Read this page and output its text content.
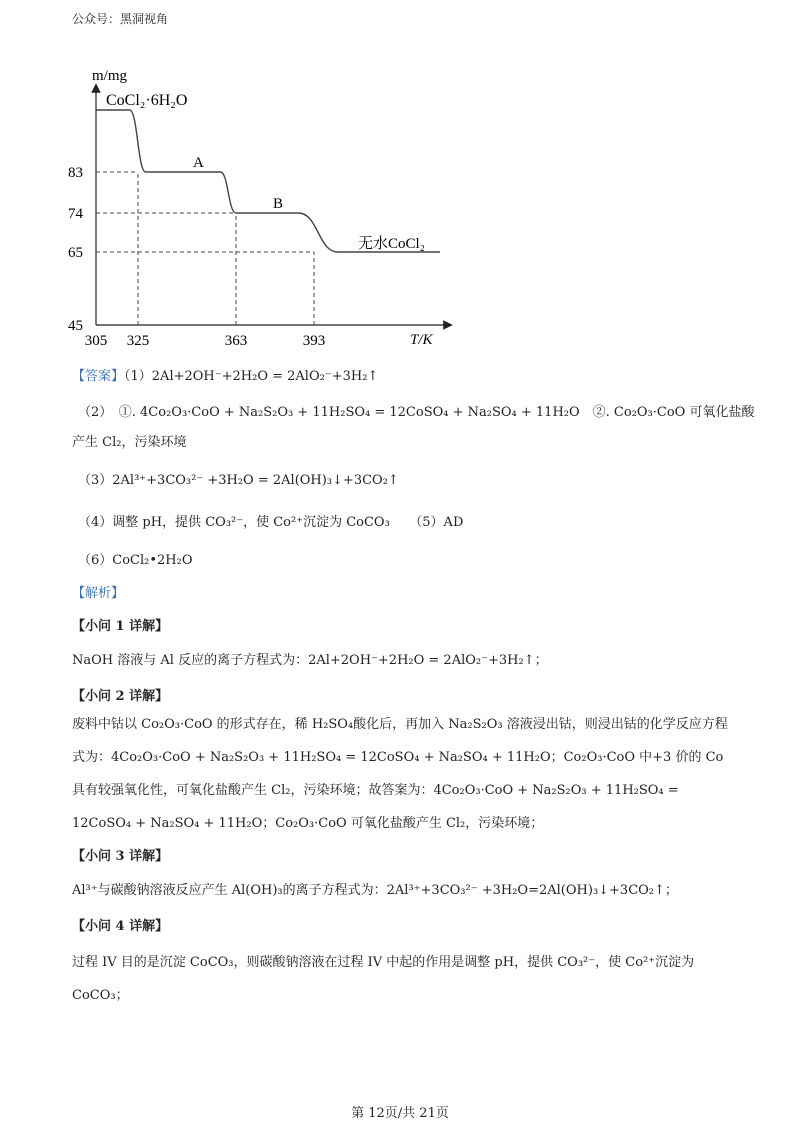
公众号：黑洞视角
m/mg
T/K
83
74
65
45
305 325	363	393
CoCl₂·6H₂O
A
B
无水CoCl₂
【答案】（1）2Al+2OH⁻+2H₂O = 2AlO₂⁻+3H₂↑
（2）　①. 4Co₂O₃·CoO + Na₂S₂O₃ + 11H₂SO₄ = 12CoSO₄ + Na₂SO₄ + 11H₂O　②. Co₂O₃·CoO 可氧化盐酸
产生 Cl₂，污染环境
（3）2Al³⁺+3CO₃²⁻ +3H₂O = 2Al(OH)₃↓+3CO₂↑
（4）调整 pH，提供 CO₃²⁻，使 Co²⁺沉淀为 CoCO₃　　（5）AD
（6）CoCl₂•2H₂O
【解析】
【小问 1 详解】
NaOH 溶液与 Al 反应的离子方程式为：2Al+2OH⁻+2H₂O = 2AlO₂⁻+3H₂↑；
【小问 2 详解】
废料中钴以 Co₂O₃·CoO 的形式存在，稀 H₂SO₄酸化后，再加入 Na₂S₂O₃ 溶液浸出钴，则浸出钴的化学反应方程式为：4Co₂O₃·CoO + Na₂S₂O₃ + 11H₂SO₄ = 12CoSO₄ + Na₂SO₄ + 11H₂O；Co₂O₃·CoO 中+3 价的 Co 具有较强氧化性，可氧化盐酸产生 Cl₂，污染环境；故答案为：4Co₂O₃·CoO + Na₂S₂O₃ + 11H₂SO₄ = 12CoSO₄ + Na₂SO₄ + 11H₂O；Co₂O₃·CoO 可氧化盐酸产生 Cl₂，污染环境；
【小问 3 详解】
Al³⁺与碳酸钠溶液反应产生 Al(OH)₃的离子方程式为：2Al³⁺+3CO₃²⁻ +3H₂O=2Al(OH)₃↓+3CO₂↑；
【小问 4 详解】
过程 IV 目的是沉淀 CoCO₃，则碳酸钠溶液在过程 IV 中起的作用是调整 pH，提供 CO₃²⁻，使 Co²⁺沉淀为 CoCO₃；
第 12页/共 21页
